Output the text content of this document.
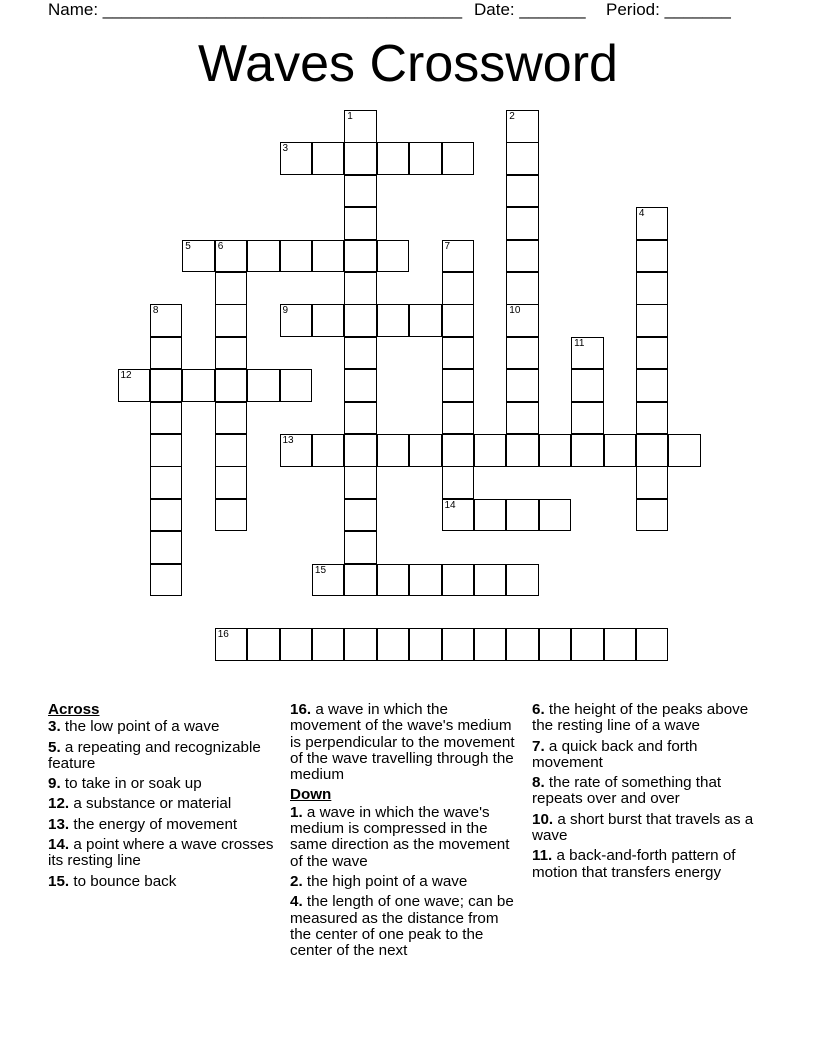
Name: ______________________________________ Date: _______ Period: _______
Waves Crossword
1	2
3
4
5	6	7
8	9	10
11
12
13
14
15
16
Across
3. the low point of a wave
5. a repeating and recognizable feature
9. to take in or soak up
12. a substance or material
13. the energy of movement
14. a point where a wave crosses its resting line
15. to bounce back
16. a wave in which the movement of the wave's medium is perpendicular to the movement of the wave travelling through the medium
Down
1. a wave in which the wave's medium is compressed in the same direction as the movement of the wave
2. the high point of a wave
4. the length of one wave; can be measured as the distance from the center of one peak to the center of the next
6. the height of the peaks above the resting line of a wave
7. a quick back and forth movement
8. the rate of something that repeats over and over
10. a short burst that travels as a wave
11. a back-and-forth pattern of motion that transfers energy
